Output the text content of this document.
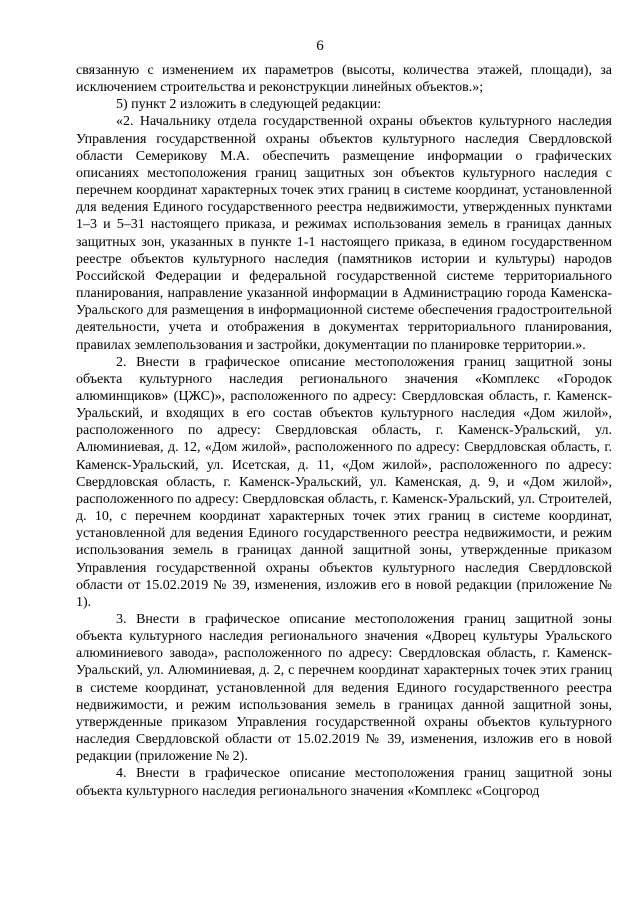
6

связанную с изменением их параметров (высоты, количества этажей, площади), за исключением строительства и реконструкции линейных объектов.»;

5) пункт 2 изложить в следующей редакции:

«2. Начальнику отдела государственной охраны объектов культурного наследия Управления государственной охраны объектов культурного наследия Свердловской области Семерикову М.А. обеспечить размещение информации о графических описаниях местоположения границ защитных зон объектов культурного наследия с перечнем координат характерных точек этих границ в системе координат, установленной для ведения Единого государственного реестра недвижимости, утвержденных пунктами 1–3 и 5–31 настоящего приказа, и режимах использования земель в границах данных защитных зон, указанных в пункте 1-1 настоящего приказа, в едином государственном реестре объектов культурного наследия (памятников истории и культуры) народов Российской Федерации и федеральной государственной системе территориального планирования, направление указанной информации в Администрацию города Каменска-Уральского для размещения в информационной системе обеспечения градостроительной деятельности, учета и отображения в документах территориального планирования, правилах землепользования и застройки, документации по планировке территории.».

2. Внести в графическое описание местоположения границ защитной зоны объекта культурного наследия регионального значения «Комплекс «Городок алюминщиков» (ЦЖС)», расположенного по адресу: Свердловская область, г. Каменск-Уральский, и входящих в его состав объектов культурного наследия «Дом жилой», расположенного по адресу: Свердловская область, г. Каменск-Уральский, ул. Алюминиевая, д. 12, «Дом жилой», расположенного по адресу: Свердловская область, г. Каменск-Уральский, ул. Исетская, д. 11, «Дом жилой», расположенного по адресу: Свердловская область, г. Каменск-Уральский, ул. Каменская, д. 9, и «Дом жилой», расположенного по адресу: Свердловская область, г. Каменск-Уральский, ул. Строителей, д. 10, с перечнем координат характерных точек этих границ в системе координат, установленной для ведения Единого государственного реестра недвижимости, и режим использования земель в границах данной защитной зоны, утвержденные приказом Управления государственной охраны объектов культурного наследия Свердловской области от 15.02.2019 № 39, изменения, изложив его в новой редакции (приложение № 1).

3. Внести в графическое описание местоположения границ защитной зоны объекта культурного наследия регионального значения «Дворец культуры Уральского алюминиевого завода», расположенного по адресу: Свердловская область, г. Каменск-Уральский, ул. Алюминиевая, д. 2, с перечнем координат характерных точек этих границ в системе координат, установленной для ведения Единого государственного реестра недвижимости, и режим использования земель в границах данной защитной зоны, утвержденные приказом Управления государственной охраны объектов культурного наследия Свердловской области от 15.02.2019 № 39, изменения, изложив его в новой редакции (приложение № 2).

4. Внести в графическое описание местоположения границ защитной зоны объекта культурного наследия регионального значения «Комплекс «Соцгород
